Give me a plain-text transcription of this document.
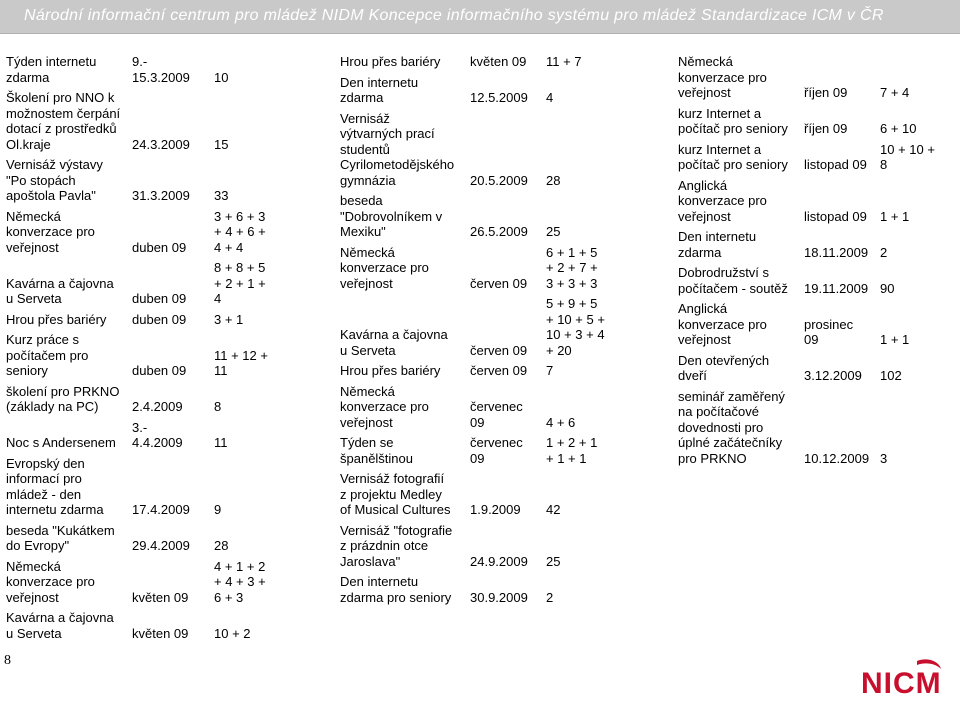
Národní informační centrum pro mládež NIDM Koncepce informačního systému pro mládež Standardizace ICM v ČR
Týden internetu
zdarma	9.-
15.3.2009	10

Školení pro NNO k
možnostem čerpání
dotací z prostředků
Ol.kraje	24.3.2009	15

Vernisáž výstavy
"Po stopách
apoštola Pavla"	31.3.2009	33

Německá
konverzace pro
veřejnost	duben 09	3 + 6 + 3
+ 4 + 6 +
4 + 4

Kavárna a čajovna
u Serveta	duben 09	8 + 8 + 5
+ 2 + 1 +
4

Hrou přes bariéry	duben 09	3 + 1

Kurz práce s
počítačem pro
seniory	duben 09	11 + 12 +
11

školení pro PRKNO
(základy na PC)	2.4.2009	8

Noc s Andersenem	3.-
4.4.2009	11

Evropský den
informací pro
mládež - den
internetu zdarma	17.4.2009	9

beseda "Kukátkem
do Evropy"	29.4.2009	28

Německá
konverzace pro
veřejnost	květen 09	4 + 1 + 2
+ 4 + 3 +
6 + 3

Kavárna a čajovna
u Serveta	květen 09	10 + 2

Hrou přes bariéry	květen 09	11 + 7

Den internetu
zdarma	12.5.2009	4

Vernisáž
výtvarných prací
studentů
Cyrilometodějského
gymnázia	20.5.2009	28

beseda
"Dobrovolníkem v
Mexiku"	26.5.2009	25

Německá
konverzace pro
veřejnost	červen 09	6 + 1 + 5
+ 2 + 7 +
3 + 3 + 3

Kavárna a čajovna
u Serveta	červen 09	5 + 9 + 5
+ 10 + 5 +
10 + 3 + 4
+ 20

Hrou přes bariéry	červen 09	7

Německá
konverzace pro
veřejnost	červenec
09	4 + 6

Týden se
španělštinou	červenec
09	1 + 2 + 1
+ 1 + 1

Vernisáž fotografií
z projektu Medley
of Musical Cultures	1.9.2009	42

Vernisáž "fotografie
z prázdnin otce
Jaroslava"	24.9.2009	25

Den internetu
zdarma pro seniory	30.9.2009	2

Německá
konverzace pro
veřejnost	říjen 09	7 + 4

kurz Internet a
počítač pro seniory	říjen 09	6 + 10

kurz Internet a
počítač pro seniory	listopad 09	10 + 10 +
8

Anglická
konverzace pro
veřejnost	listopad 09	1 + 1

Den internetu
zdarma	18.11.2009	2

Dobrodružství s
počítačem - soutěž	19.11.2009	90

Anglická
konverzace pro
veřejnost	prosinec
09	1 + 1

Den otevřených
dveří	3.12.2009	102

seminář zaměřený
na počítačové
dovednosti pro
úplné začátečníky
pro PRKNO	10.12.2009	3

8
NICM
